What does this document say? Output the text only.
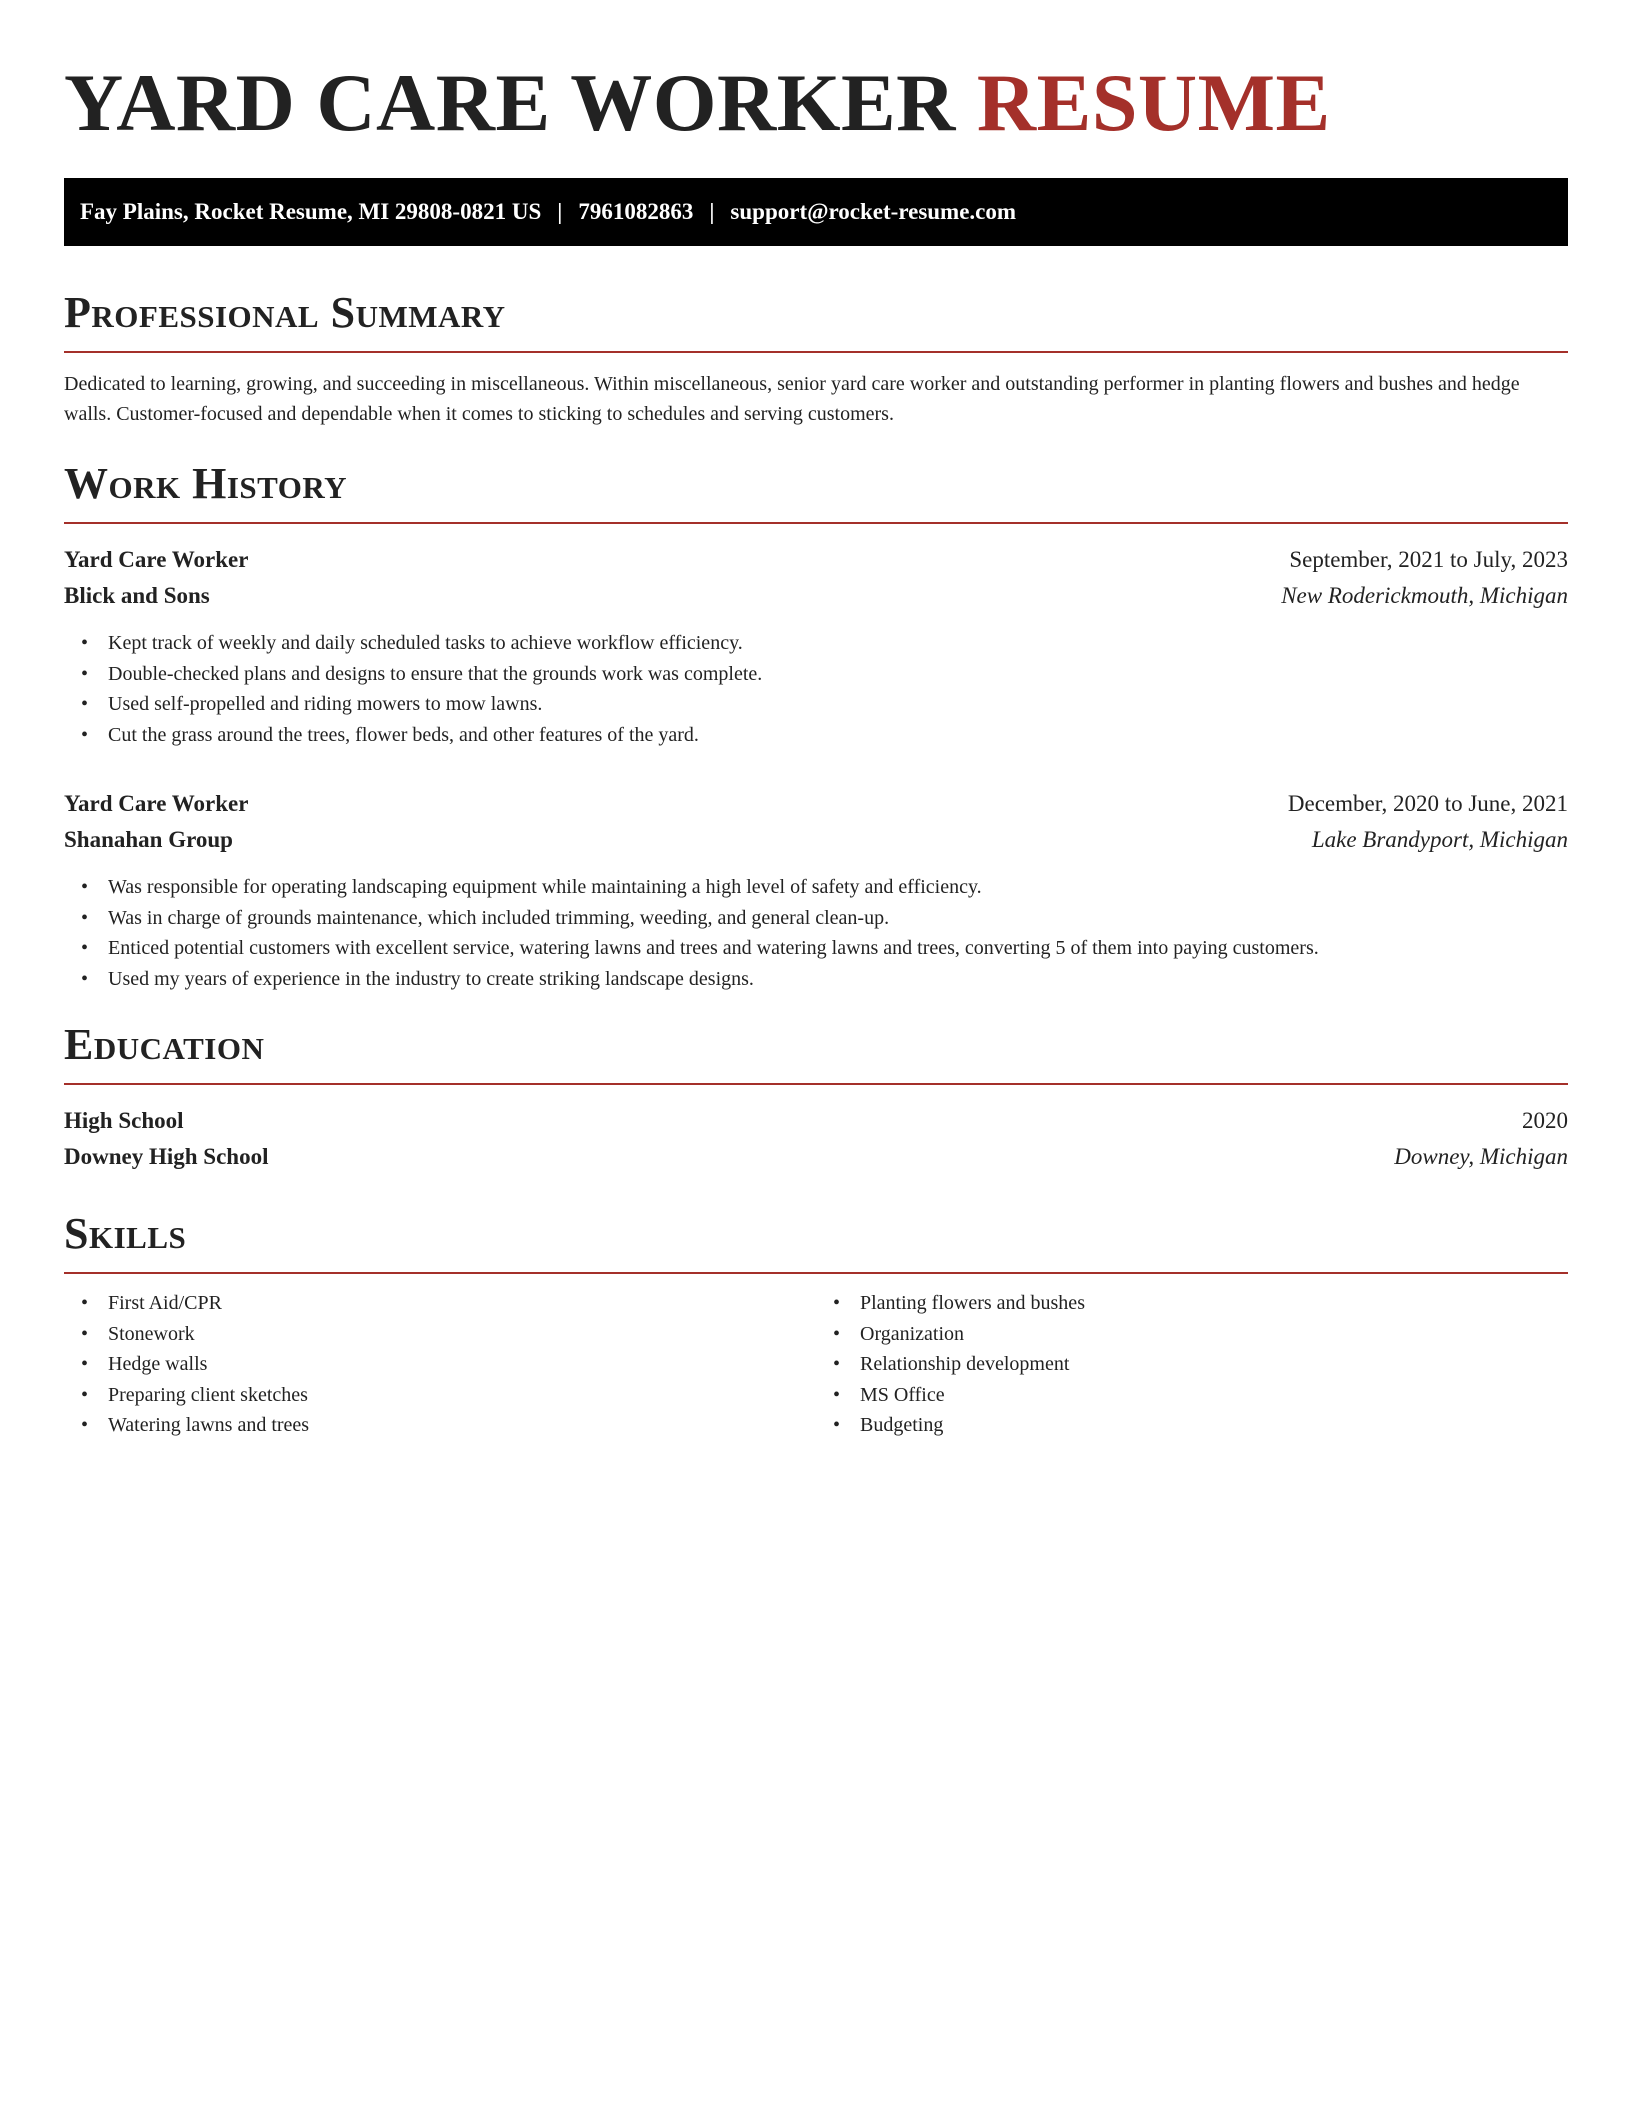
YARD CARE WORKER RESUME
Fay Plains, Rocket Resume, MI 29808-0821 US | 7961082863 | support@rocket-resume.com
Professional Summary

Dedicated to learning, growing, and succeeding in miscellaneous. Within miscellaneous, senior yard care worker and outstanding performer in planting flowers and bushes and hedge walls. Customer-focused and dependable when it comes to sticking to schedules and serving customers.

Work History
Yard Care Worker	September, 2021 to July, 2023
Blick and Sons	New Roderickmouth, Michigan
• Kept track of weekly and daily scheduled tasks to achieve workflow efficiency.
• Double-checked plans and designs to ensure that the grounds work was complete.
• Used self-propelled and riding mowers to mow lawns.
• Cut the grass around the trees, flower beds, and other features of the yard.
Yard Care Worker	December, 2020 to June, 2021
Shanahan Group	Lake Brandyport, Michigan
• Was responsible for operating landscaping equipment while maintaining a high level of safety and efficiency.
• Was in charge of grounds maintenance, which included trimming, weeding, and general clean-up.
• Enticed potential customers with excellent service, watering lawns and trees and watering lawns and trees, converting 5 of them into paying customers.
• Used my years of experience in the industry to create striking landscape designs.
Education
High School	2020
Downey High School	Downey, Michigan
Skills
• First Aid/CPR
• Stonework
• Hedge walls
• Preparing client sketches
• Watering lawns and trees
• Planting flowers and bushes
• Organization
• Relationship development
• MS Office
• Budgeting
